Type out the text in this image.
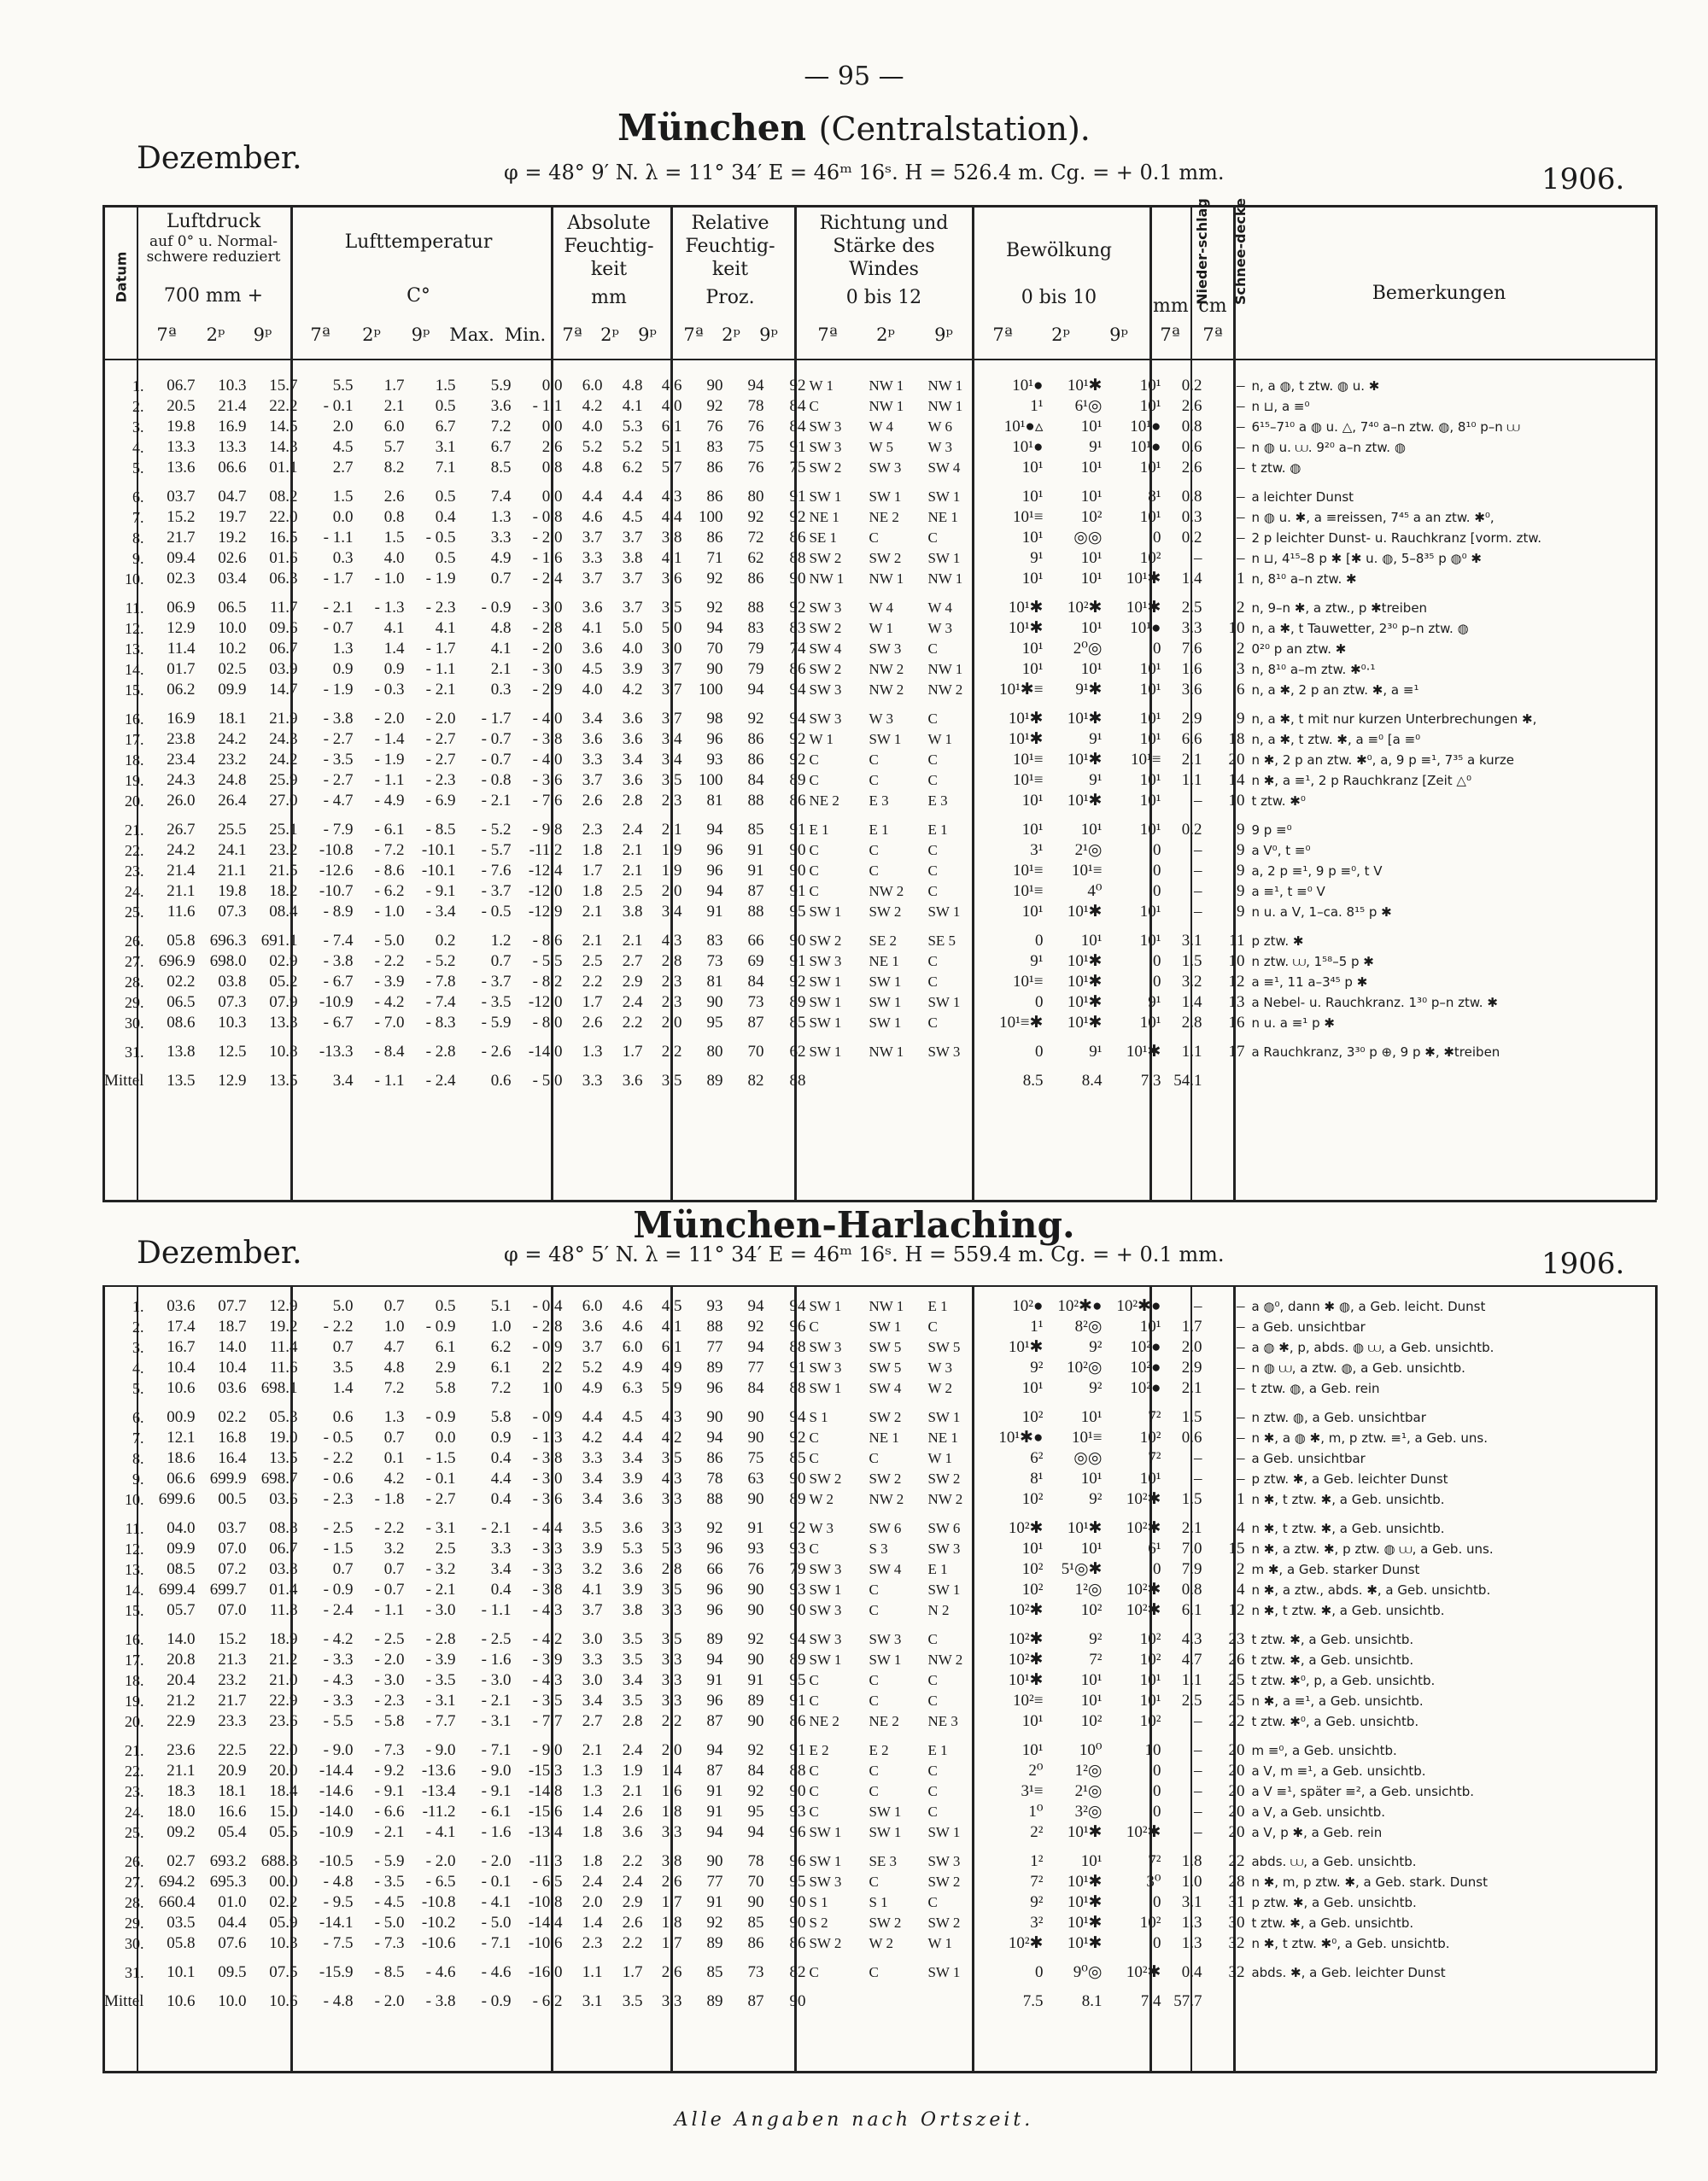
— 95 —
München (Centralstation).
Dezember.	φ = 48° 9′ N. λ = 11° 34′ E = 46ᵐ 16ˢ. H = 526.4 m. Cg. = + 0.1 mm.	1906.
Datum
Luftdruck
auf 0° u. Normal-schwere reduziert
700 mm +
Lufttemperatur
C°
Absolute Feuchtig-keit
mm
Relative Feuchtig-keit
Proz.
Richtung und Stärke des Windes
0 bis 12
Bewölkung
0 bis 10	Nieder-schlag
mm
Schnee-decke
cm
Bemerkungen
7ª	2ᵖ	9ᵖ	7ª	2ᵖ	9ᵖ	Max. Min. 7ª	2ᵖ	9ᵖ	7ª	2ᵖ	9ᵖ	7ª	2ᵖ	9ᵖ	7ª	2ᵖ	9ᵖ	7ª	7ª
1.	06.7	10.3	15.7	5.5	1.7	1.5	5.9	0.0	6.0	4.8	4.6	90	94	92	W 1	NW 1	NW 1	10¹●	10¹✱	10¹	0.2	–	n, a ◍, t ztw. ◍ u. ✱
2.	20.5	21.4	22.2	- 0.1	2.1	0.5	3.6	- 1.1	4.2	4.1	4.0	92	78	84	C	NW 1	NW 1	1¹	6¹◎	10¹	2.6	–	n ⊔, a ≡⁰
3.	19.8	16.9	14.5	2.0	6.0	6.7	7.2	0.0	4.0	5.3	6.1	76	76	84	SW 3	W 4	W 6	10¹●▵	10¹	10¹●	0.8	–	6¹⁵–7¹⁰ a ◍ u. △, 7⁴⁰ a–n ztw. ◍, 8¹⁰ p–n ⩊
4.	13.3	13.3	14.3	4.5	5.7	3.1	6.7	2.6	5.2	5.2	5.1	83	75	91	SW 3	W 5	W 3	10¹●	9¹	10¹●	0.6	–	n ◍ u. ⩊. 9²⁰ a–n ztw. ◍
5.	13.6	06.6	01.1	2.7	8.2	7.1	8.5	0.8	4.8	6.2	5.7	86	76	75	SW 2	SW 3	SW 4	10¹	10¹	10¹	2.6	–	t ztw. ◍
6.	03.7	04.7	08.2	1.5	2.6	0.5	7.4	0.0	4.4	4.4	4.3	86	80	91	SW 1	SW 1	SW 1	10¹	10¹	8¹	0.8	–	a leichter Dunst
7.	15.2	19.7	22.0	0.0	0.8	0.4	1.3	- 0.8	4.6	4.5	4.4	100	92	92	NE 1	NE 2	NE 1	10¹≡	10²	10¹	0.3	–	n ◍ u. ✱, a ≡reissen, 7⁴⁵ a an ztw. ✱⁰,
8.	21.7	19.2	16.5	- 1.1	1.5	- 0.5	3.3	- 2.0	3.7	3.7	3.8	86	72	86	SE 1	C	C	10¹	◎◎	0	0.2	–	2 p leichter Dunst- u. Rauchkranz [vorm. ztw.
9.	09.4	02.6	01.6	0.3	4.0	0.5	4.9	- 1.6	3.3	3.8	4.1	71	62	88	SW 2	SW 2	SW 1	9¹	10¹	10²	–	–	n ⊔, 4¹⁵–8 p ✱ [✱ u. ◍, 5–8³⁵ p ◍⁰ ✱
10.	02.3	03.4	06.3	- 1.7	- 1.0	- 1.9	0.7	- 2.4	3.7	3.7	3.6	92	86	90	NW 1	NW 1	NW 1	10¹	10¹	10¹✱	1.4	1	n, 8¹⁰ a–n ztw. ✱
11.	06.9	06.5	11.7	- 2.1	- 1.3	- 2.3	- 0.9	- 3.0	3.6	3.7	3.5	92	88	92	SW 3	W 4	W 4	10¹✱	10²✱	10¹✱	2.5	2	n, 9–n ✱, a ztw., p ✱treiben
12.	12.9	10.0	09.6	- 0.7	4.1	4.1	4.8	- 2.8	4.1	5.0	5.0	94	83	83	SW 2	W 1	W 3	10¹✱	10¹	10¹●	3.3	10	n, a ✱, t Tauwetter, 2³⁰ p–n ztw. ◍
13.	11.4	10.2	06.7	1.3	1.4	- 1.7	4.1	- 2.0	3.6	4.0	3.0	70	79	74	SW 4	SW 3	C	10¹	2⁰◎	0	7.6	2	0²⁰ p an ztw. ✱
14.	01.7	02.5	03.9	0.9	0.9	- 1.1	2.1	- 3.0	4.5	3.9	3.7	90	79	86	SW 2	NW 2	NW 1	10¹	10¹	10¹	1.6	3	n, 8¹⁰ a–m ztw. ✱⁰·¹
15.	06.2	09.9	14.7	- 1.9	- 0.3	- 2.1	0.3	- 2.9	4.0	4.2	3.7	100	94	94	SW 3	NW 2	NW 2	10¹✱≡	9¹✱	10¹	3.6	6	n, a ✱, 2 p an ztw. ✱, a ≡¹
16.	16.9	18.1	21.9	- 3.8	- 2.0	- 2.0	- 1.7	- 4.0	3.4	3.6	3.7	98	92	94	SW 3	W 3	C	10¹✱	10¹✱	10¹	2.9	9	n, a ✱, t mit nur kurzen Unterbrechungen ✱,
17.	23.8	24.2	24.3	- 2.7	- 1.4	- 2.7	- 0.7	- 3.8	3.6	3.6	3.4	96	86	92	W 1	SW 1	W 1	10¹✱	9¹	10¹	6.6	18	n, a ✱, t ztw. ✱, a ≡⁰ [a ≡⁰
18.	23.4	23.2	24.2	- 3.5	- 1.9	- 2.7	- 0.7	- 4.0	3.3	3.4	3.4	93	86	92	C	C	C	10¹≡	10¹✱	10¹≡	2.1	20	n ✱, 2 p an ztw. ✱⁰, a, 9 p ≡¹, 7³⁵ a kurze
19.	24.3	24.8	25.9	- 2.7	- 1.1	- 2.3	- 0.8	- 3.6	3.7	3.6	3.5	100	84	89	C	C	C	10¹≡	9¹	10¹	1.1	14	n ✱, a ≡¹, 2 p Rauchkranz [Zeit △⁰
20.	26.0	26.4	27.0	- 4.7	- 4.9	- 6.9	- 2.1	- 7.6	2.6	2.8	2.3	81	88	86	NE 2	E 3	E 3	10¹	10¹✱	10¹	–	10	t ztw. ✱⁰
21.	26.7	25.5	25.1	- 7.9	- 6.1	- 8.5	- 5.2	- 9.8	2.3	2.4	2.1	94	85	91	E 1	E 1	E 1	10¹	10¹	10¹	0.2	9	9 p ≡⁰
22.	24.2	24.1	23.2	-10.8	- 7.2	-10.1	- 5.7	-11.2	1.8	2.1	1.9	96	91	90	C	C	C	3¹	2¹◎	0	–	9	a V⁰, t ≡⁰
23.	21.4	21.1	21.5	-12.6	- 8.6	-10.1	- 7.6	-12.4	1.7	2.1	1.9	96	91	90	C	C	C	10¹≡	10¹≡	0	–	9	a, 2 p ≡¹, 9 p ≡⁰, t V
24.	21.1	19.8	18.2	-10.7	- 6.2	- 9.1	- 3.7	-12.0	1.8	2.5	2.0	94	87	91	C	NW 2	C	10¹≡	4⁰	0	–	9	a ≡¹, t ≡⁰ V
25.	11.6	07.3	08.4	- 8.9	- 1.0	- 3.4	- 0.5	-12.9	2.1	3.8	3.4	91	88	95	SW 1	SW 2	SW 1	10¹	10¹✱	10¹	–	9	n u. a V, 1–ca. 8¹⁵ p ✱
26.	05.8	696.3	691.1	- 7.4	- 5.0	0.2	1.2	- 8.6	2.1	2.1	4.3	83	66	90	SW 2	SE 2	SE 5	0	10¹	10¹	3.1	11	p ztw. ✱
27.	696.9	698.0	02.9	- 3.8	- 2.2	- 5.2	0.7	- 5.5	2.5	2.7	2.8	73	69	91	SW 3	NE 1	C	9¹	10¹✱	0	1.5	10	n ztw. ⩊, 1⁵⁸–5 p ✱
28.	02.2	03.8	05.2	- 6.7	- 3.9	- 7.8	- 3.7	- 8.2	2.2	2.9	2.3	81	84	92	SW 1	SW 1	C	10¹≡	10¹✱	0	3.2	12	a ≡¹, 11 a–3⁴⁵ p ✱
29.	06.5	07.3	07.9	-10.9	- 4.2	- 7.4	- 3.5	-12.0	1.7	2.4	2.3	90	73	89	SW 1	SW 1	SW 1	0	10¹✱	9¹	1.4	13	a Nebel- u. Rauchkranz. 1³⁰ p–n ztw. ✱
30.	08.6	10.3	13.3	- 6.7	- 7.0	- 8.3	- 5.9	- 8.0	2.6	2.2	2.0	95	87	85	SW 1	SW 1	C	10¹≡✱	10¹✱	10¹	2.8	16	n u. a ≡¹ p ✱
31.	13.8	12.5	10.8	-13.3	- 8.4	- 2.8	- 2.6	-14.0	1.3	1.7	2.2	80	70	62	SW 1	NW 1	SW 3	0	9¹	10¹✱	1.1	17	a Rauchkranz, 3³⁰ p ⊕, 9 p ✱, ✱treiben
Mittel	13.5	12.9	13.5	3.4	- 1.1	- 2.4	0.6	- 5.0	3.3	3.6	3.5	89	82	88				8.5	8.4	7.3	54.1		
München-Harlaching.
Dezember.	φ = 48° 5′ N. λ = 11° 34′ E = 46ᵐ 16ˢ. H = 559.4 m. Cg. = + 0.1 mm.	1906.
1.	03.6	07.7	12.9	5.0	0.7	0.5	5.1	- 0.4	6.0	4.6	4.5	93	94	94	SW 1	NW 1	E 1	10²●	10²✱●	10²✱●	–	–	a ◍⁰, dann ✱ ◍, a Geb. leicht. Dunst
2.	17.4	18.7	19.2	- 2.2	1.0	- 0.9	1.0	- 2.8	3.6	4.6	4.1	88	92	96	C	SW 1	C	1¹	8²◎	10¹	1.7	–	a Geb. unsichtbar
3.	16.7	14.0	11.4	0.7	4.7	6.1	6.2	- 0.9	3.7	6.0	6.1	77	94	88	SW 3	SW 5	SW 5	10¹✱	9²	10²●	2.0	–	a ◍ ✱, p, abds. ◍ ⩊, a Geb. unsichtb.
4.	10.4	10.4	11.6	3.5	4.8	2.9	6.1	2.2	5.2	4.9	4.9	89	77	91	SW 3	SW 5	W 3	9²	10²◎	10²●	2.9	–	n ◍ ⩊, a ztw. ◍, a Geb. unsichtb.
5.	10.6	03.6	698.1	1.4	7.2	5.8	7.2	1.0	4.9	6.3	5.9	96	84	88	SW 1	SW 4	W 2	10¹	9²	10²●	2.1	–	t ztw. ◍, a Geb. rein
6.	00.9	02.2	05.3	0.6	1.3	- 0.9	5.8	- 0.9	4.4	4.5	4.3	90	90	94	S 1	SW 2	SW 1	10²	10¹	7²	1.5	–	n ztw. ◍, a Geb. unsichtbar
7.	12.1	16.8	19.0	- 0.5	0.7	0.0	0.9	- 1.3	4.2	4.4	4.2	94	90	92	C	NE 1	NE 1	10¹✱●	10¹≡	10²	0.6	–	n ✱, a ◍ ✱, m, p ztw. ≡¹, a Geb. uns.
8.	18.6	16.4	13.5	- 2.2	0.1	- 1.5	0.4	- 3.8	3.3	3.4	3.5	86	75	85	C	C	W 1	6²	◎◎	7²	–	–	a Geb. unsichtbar
9.	06.6	699.9	698.7	- 0.6	4.2	- 0.1	4.4	- 3.0	3.4	3.9	4.3	78	63	90	SW 2	SW 2	SW 2	8¹	10¹	10¹	–	–	p ztw. ✱, a Geb. leichter Dunst
10.	699.6	00.5	03.6	- 2.3	- 1.8	- 2.7	0.4	- 3.6	3.4	3.6	3.3	88	90	89	W 2	NW 2	NW 2	10²	9²	10²✱	1.5	1	n ✱, t ztw. ✱, a Geb. unsichtb.
11.	04.0	03.7	08.8	- 2.5	- 2.2	- 3.1	- 2.1	- 4.4	3.5	3.6	3.3	92	91	92	W 3	SW 6	SW 6	10²✱	10¹✱	10²✱	2.1	4	n ✱, t ztw. ✱, a Geb. unsichtb.
12.	09.9	07.0	06.7	- 1.5	3.2	2.5	3.3	- 3.3	3.9	5.3	5.3	96	93	93	C	S 3	SW 3	10¹	10¹	6¹	7.0	15	n ✱, a ztw. ✱, p ztw. ◍ ⩊, a Geb. uns.
13.	08.5	07.2	03.8	0.7	0.7	- 3.2	3.4	- 3.3	3.2	3.6	2.8	66	76	79	SW 3	SW 4	E 1	10²	5¹◎✱	0	7.9	2	m ✱, a Geb. starker Dunst
14.	699.4	699.7	01.4	- 0.9	- 0.7	- 2.1	0.4	- 3.8	4.1	3.9	3.5	96	90	93	SW 1	C	SW 1	10²	1²◎	10²✱	0.8	4	n ✱, a ztw., abds. ✱, a Geb. unsichtb.
15.	05.7	07.0	11.8	- 2.4	- 1.1	- 3.0	- 1.1	- 4.3	3.7	3.8	3.3	96	90	90	SW 3	C	N 2	10²✱	10²	10²✱	6.1	12	n ✱, t ztw. ✱, a Geb. unsichtb.
16.	14.0	15.2	18.9	- 4.2	- 2.5	- 2.8	- 2.5	- 4.2	3.0	3.5	3.5	89	92	94	SW 3	SW 3	C	10²✱	9²	10²	4.3	23	t ztw. ✱, a Geb. unsichtb.
17.	20.8	21.3	21.2	- 3.3	- 2.0	- 3.9	- 1.6	- 3.9	3.3	3.5	3.3	94	90	89	SW 1	SW 1	NW 2	10²✱	7²	10²	4.7	26	t ztw. ✱, a Geb. unsichtb.
18.	20.4	23.2	21.0	- 4.3	- 3.0	- 3.5	- 3.0	- 4.3	3.0	3.4	3.3	91	91	95	C	C	C	10¹✱	10¹	10¹	1.1	25	t ztw. ✱⁰, p, a Geb. unsichtb.
19.	21.2	21.7	22.9	- 3.3	- 2.3	- 3.1	- 2.1	- 3.5	3.4	3.5	3.3	96	89	91	C	C	C	10²≡	10¹	10¹	2.5	25	n ✱, a ≡¹, a Geb. unsichtb.
20.	22.9	23.3	23.6	- 5.5	- 5.8	- 7.7	- 3.1	- 7.7	2.7	2.8	2.2	87	90	86	NE 2	NE 2	NE 3	10¹	10²	10²	–	22	t ztw. ✱⁰, a Geb. unsichtb.
21.	23.6	22.5	22.0	- 9.0	- 7.3	- 9.0	- 7.1	- 9.0	2.1	2.4	2.0	94	92	91	E 2	E 2	E 1	10¹	10⁰	10	–	20	m ≡⁰, a Geb. unsichtb.
22.	21.1	20.9	20.0	-14.4	- 9.2	-13.6	- 9.0	-15.3	1.3	1.9	1.4	87	84	88	C	C	C	2⁰	1²◎	0	–	20	a V, m ≡¹, a Geb. unsichtb.
23.	18.3	18.1	18.4	-14.6	- 9.1	-13.4	- 9.1	-14.8	1.3	2.1	1.6	91	92	90	C	C	C	3¹≡	2¹◎	0	–	20	a V ≡¹, später ≡², a Geb. unsichtb.
24.	18.0	16.6	15.0	-14.0	- 6.6	-11.2	- 6.1	-15.6	1.4	2.6	1.8	91	95	93	C	SW 1	C	1⁰	3²◎	0	–	20	a V, a Geb. unsichtb.
25.	09.2	05.4	05.5	-10.9	- 2.1	- 4.1	- 1.6	-13.4	1.8	3.6	3.3	94	94	96	SW 1	SW 1	SW 1	2²	10¹✱	10²✱	–	20	a V, p ✱, a Geb. rein
26.	02.7	693.2	688.8	-10.5	- 5.9	- 2.0	- 2.0	-11.3	1.8	2.2	3.8	90	78	96	SW 1	SE 3	SW 3	1²	10¹	7²	1.8	22	abds. ⩊, a Geb. unsichtb.
27.	694.2	695.3	00.0	- 4.8	- 3.5	- 6.5	- 0.1	- 6.5	2.4	2.4	2.6	77	70	95	SW 3	C	SW 2	7²	10¹✱	3⁰	1.0	28	n ✱, m, p ztw. ✱, a Geb. stark. Dunst
28.	660.4	01.0	02.2	- 9.5	- 4.5	-10.8	- 4.1	-10.8	2.0	2.9	1.7	91	90	90	S 1	S 1	C	9²	10¹✱	0	3.1	31	p ztw. ✱, a Geb. unsichtb.
29.	03.5	04.4	05.9	-14.1	- 5.0	-10.2	- 5.0	-14.4	1.4	2.6	1.8	92	85	90	S 2	SW 2	SW 2	3²	10¹✱	10²	1.3	30	t ztw. ✱, a Geb. unsichtb.
30.	05.8	07.6	10.3	- 7.5	- 7.3	-10.6	- 7.1	-10.6	2.3	2.2	1.7	89	86	86	SW 2	W 2	W 1	10²✱	10¹✱	0	1.3	32	n ✱, t ztw. ✱⁰, a Geb. unsichtb.
31.	10.1	09.5	07.5	-15.9	- 8.5	- 4.6	- 4.6	-16.0	1.1	1.7	2.6	85	73	82	C	C	SW 1	0	9⁰◎	10²✱	0.4	32	abds. ✱, a Geb. leichter Dunst
Mittel	10.6	10.0	10.6	- 4.8	- 2.0	- 3.8	- 0.9	- 6.2	3.1	3.5	3.3	89	87	90				7.5	8.1	7.4	57.7		
Alle Angaben nach Ortszeit.
